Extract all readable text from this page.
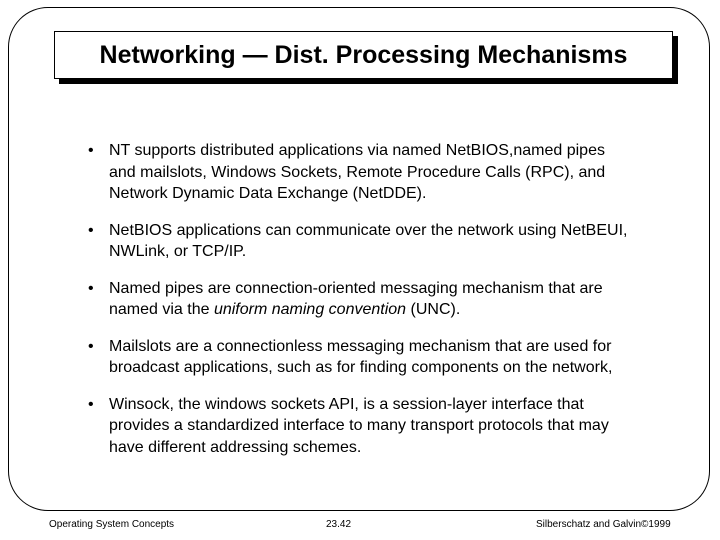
Networking — Dist. Processing Mechanisms
• NT supports distributed applications via named NetBIOS,named pipes and mailslots, Windows Sockets, Remote Procedure Calls (RPC), and Network Dynamic Data Exchange (NetDDE).
• NetBIOS applications can communicate over the network using NetBEUI, NWLink, or TCP/IP.
• Named pipes are connection-oriented messaging mechanism that are named via the uniform naming convention (UNC).
• Mailslots are a connectionless messaging mechanism that are used for broadcast applications, such as for finding components on the network,
• Winsock, the windows sockets API, is a session-layer interface that provides a standardized interface to many transport protocols that may have different addressing schemes.
Operating System Concepts	23.42	Silberschatz and Galvin©1999
